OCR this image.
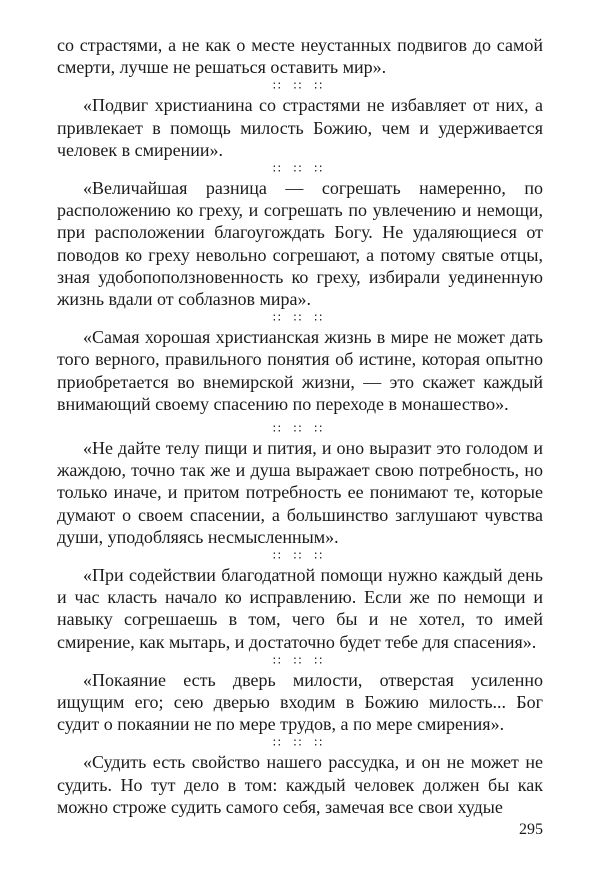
со страстями, а не как о месте неустанных подвигов до самой смерти, лучше не решаться оставить мир».

∷ ∷ ∷

«Подвиг христианина со страстями не избавляет от них, а привлекает в помощь милость Божию, чем и удерживается человек в смирении».

∷ ∷ ∷

«Величайшая разница — согрешать намеренно, по расположению ко греху, и согрешать по увлечению и немощи, при расположении благоугождать Богу. Не удаляющиеся от поводов ко греху невольно согрешают, а потому святые отцы, зная удобопоползновенность ко греху, избирали уединенную жизнь вдали от соблазнов мира».

∷ ∷ ∷

«Самая хорошая христианская жизнь в мире не может дать того верного, правильного понятия об истине, которая опытно приобретается во внемирской жизни, — это скажет каждый внимающий своему спасению по переходе в монашество».

∷ ∷ ∷

«Не дайте телу пищи и пития, и оно выразит это голодом и жаждою, точно так же и душа выражает свою потребность, но только иначе, и притом потребность ее понимают те, которые думают о своем спасении, а большинство заглушают чувства души, уподобляясь несмысленным».

∷ ∷ ∷

«При содействии благодатной помощи нужно каждый день и час класть начало ко исправлению. Если же по немощи и навыку согрешаешь в том, чего бы и не хотел, то имей смирение, как мытарь, и достаточно будет тебе для спасения».

∷ ∷ ∷

«Покаяние есть дверь милости, отверстая усиленно ищущим его; сею дверью входим в Божию милость... Бог судит о покаянии не по мере трудов, а по мере смирения».

∷ ∷ ∷

«Судить есть свойство нашего рассудка, и он не может не судить. Но тут дело в том: каждый человек должен бы как можно строже судить самого себя, замечая все свои худые

295
